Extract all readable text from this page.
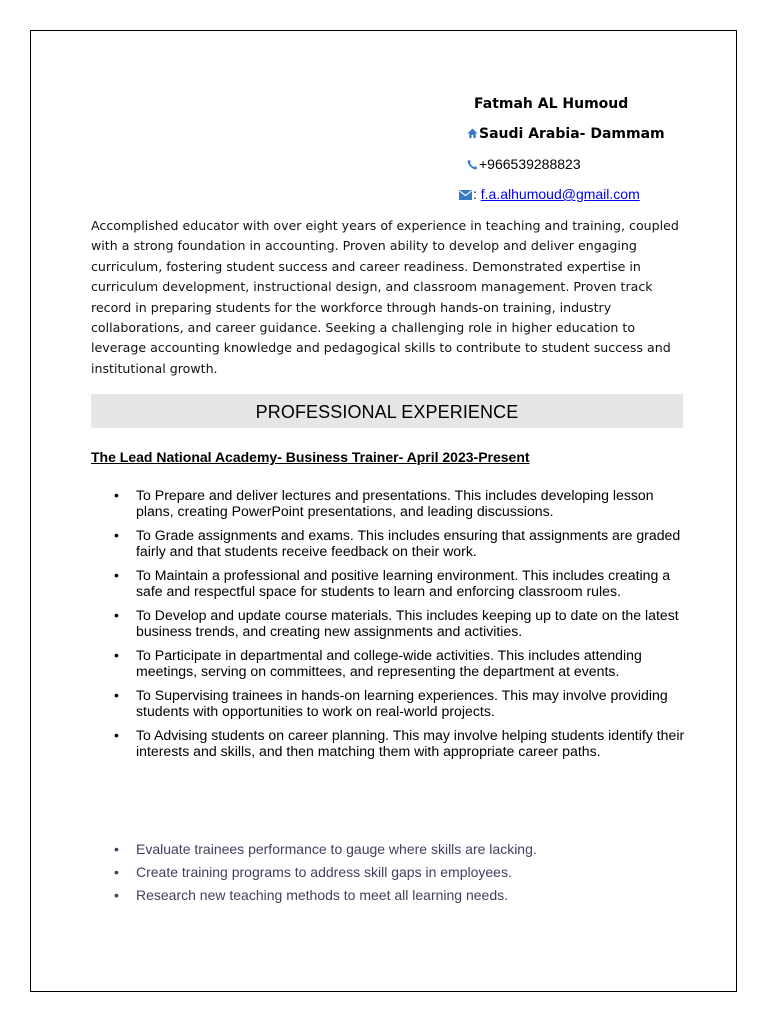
Fatmah AL Humoud
Saudi Arabia- Dammam
+966539288823
: f.a.alhumoud@gmail.com
Accomplished educator with over eight years of experience in teaching and training, coupled with a strong foundation in accounting. Proven ability to develop and deliver engaging curriculum, fostering student success and career readiness. Demonstrated expertise in curriculum development, instructional design, and classroom management. Proven track record in preparing students for the workforce through hands-on training, industry collaborations, and career guidance. Seeking a challenging role in higher education to leverage accounting knowledge and pedagogical skills to contribute to student success and institutional growth.
PROFESSIONAL EXPERIENCE
The Lead National Academy- Business Trainer- April 2023-Present
• To Prepare and deliver lectures and presentations. This includes developing lesson plans, creating PowerPoint presentations, and leading discussions.
• To Grade assignments and exams. This includes ensuring that assignments are graded fairly and that students receive feedback on their work.
• To Maintain a professional and positive learning environment. This includes creating a safe and respectful space for students to learn and enforcing classroom rules.
• To Develop and update course materials. This includes keeping up to date on the latest business trends, and creating new assignments and activities.
• To Participate in departmental and college-wide activities. This includes attending meetings, serving on committees, and representing the department at events.
• To Supervising trainees in hands-on learning experiences. This may involve providing students with opportunities to work on real-world projects.
• To Advising students on career planning. This may involve helping students identify their interests and skills, and then matching them with appropriate career paths.
• Evaluate trainees performance to gauge where skills are lacking.
• Create training programs to address skill gaps in employees.
• Research new teaching methods to meet all learning needs.
